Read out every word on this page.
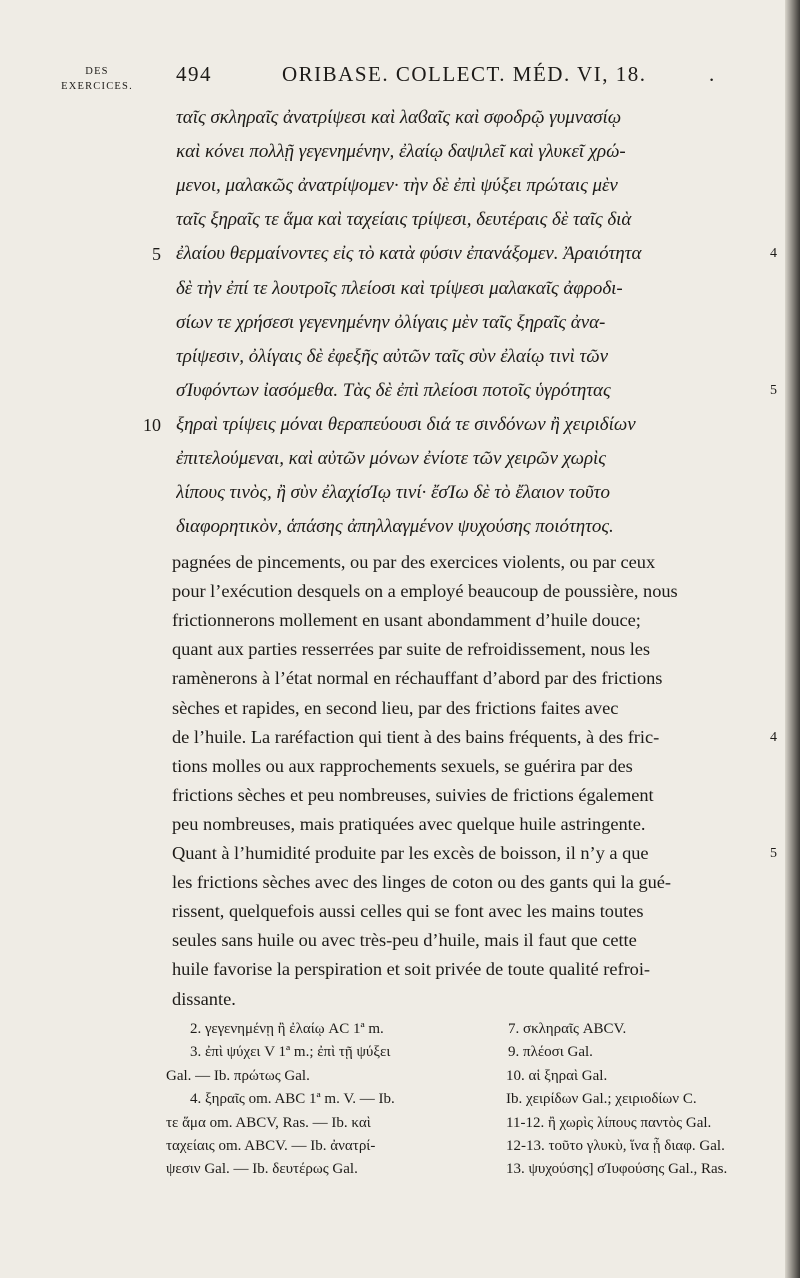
DES
EXERCICES.
494	ORIBASE. COLLECT. MÉD. VI, 18.	.
ταῖς σκληραῖς ἀνατρίψεσι καὶ λαϐαῖς καὶ σφοδρῷ γυμνασίῳ
καὶ κόνει πολλῇ γεγενημένην, ἐλαίῳ δαψιλεῖ καὶ γλυκεῖ χρώ-
μενοι, μαλακῶς ἀνατρίψομεν· τὴν δὲ ἐπὶ ψύξει πρώταις μὲν
ταῖς ξηραῖς τε ἅμα καὶ ταχείαις τρίψεσι, δευτέραις δὲ ταῖς διὰ
ἐλαίου θερμαίνοντες εἰς τὸ κατὰ φύσιν ἐπανάξομεν. Ἀραιότητα
δὲ τὴν ἐπί τε λουτροῖς πλείοσι καὶ τρίψεσι μαλακαῖς ἀφροδι-
σίων τε χρήσεσι γεγενημένην ὀλίγαις μὲν ταῖς ξηραῖς ἀνα-
τρίψεσιν, ὀλίγαις δὲ ἐφεξῆς αὐτῶν ταῖς σὺν ἐλαίῳ τινὶ τῶν
σΊυφόντων ἰασόμεθα. Τὰς δὲ ἐπὶ πλείοσι ποτοῖς ὑγρότητας
ξηραὶ τρίψεις μόναι θεραπεύουσι διά τε σινδόνων ἢ χειριδίων
ἐπιτελούμεναι, καὶ αὐτῶν μόνων ἐνίοτε τῶν χειρῶν χωρὶς
λίπους τινὸς, ἢ σὺν ἐλαχίσΊῳ τινί· ἔσΊω δὲ τὸ ἔλαιον τοῦτο
διαφορητικὸν, ἁπάσης ἀπηλλαγμένον ψυχούσης ποιότητος.
5
10
4
5
pagnées de pincements, ou par des exercices violents, ou par ceux
pour l’exécution desquels on a employé beaucoup de poussière, nous
frictionnerons mollement en usant abondamment d’huile douce;
quant aux parties resserrées par suite de refroidissement, nous les
ramènerons à l’état normal en réchauffant d’abord par des frictions
sèches et rapides, en second lieu, par des frictions faites avec
de l’huile. La raréfaction qui tient à des bains fréquents, à des fric-
tions molles ou aux rapprochements sexuels, se guérira par des
frictions sèches et peu nombreuses, suivies de frictions également
peu nombreuses, mais pratiquées avec quelque huile astringente.
Quant à l’humidité produite par les excès de boisson, il n’y a que
les frictions sèches avec des linges de coton ou des gants qui la gué-
rissent, quelquefois aussi celles qui se font avec les mains toutes
seules sans huile ou avec très-peu d’huile, mais il faut que cette
huile favorise la perspiration et soit privée de toute qualité refroi-
dissante.
4
5
2. γεγενημένῃ ἢ ἐλαίῳ AC 1ª m.
3. ἐπὶ ψύχει V 1ª m.; ἐπὶ τῇ ψύξει
Gal. — Ib. πρώτως Gal.
4. ξηραῖς om. ABC 1ª m. V. — Ib.
τε ἅμα om. ABCV, Ras. — Ib. καὶ
ταχείαις om. ABCV. — Ib. ἀνατρί-
ψεσιν Gal. — Ib. δευτέρως Gal.
7. σκληραῖς ABCV.
9. πλέοσι Gal.
10. αἱ ξηραὶ Gal.
Ib. χειρίδων Gal.; χειριοδίων C.
11-12. ἢ χωρὶς λίπους παντὸς Gal.
12-13. τοῦτο γλυκὺ, ἵνα ᾖ διαφ. Gal.
13. ψυχούσης] σΊυφούσης Gal., Ras.
